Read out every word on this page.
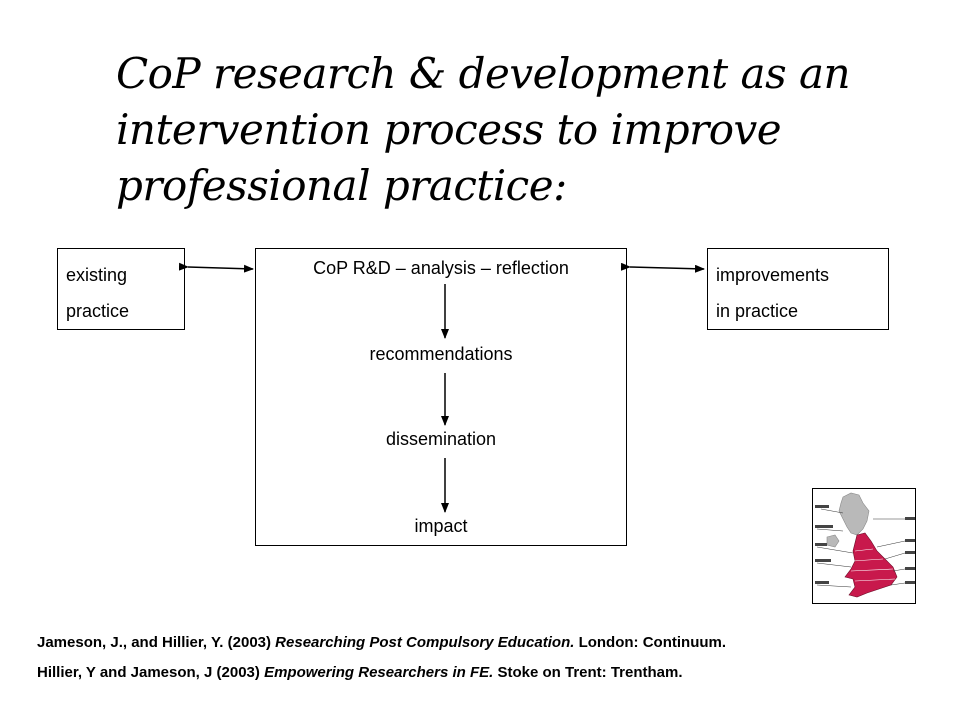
CoP research & development as an
intervention process to improve
professional practice:
existing
practice
CoP R&D – analysis – reflection
recommendations
dissemination
impact
improvements
in practice
Jameson, J., and Hillier, Y. (2003) Researching Post Compulsory Education. London: Continuum.
Hillier, Y and Jameson, J (2003) Empowering Researchers in FE. Stoke on Trent: Trentham.
